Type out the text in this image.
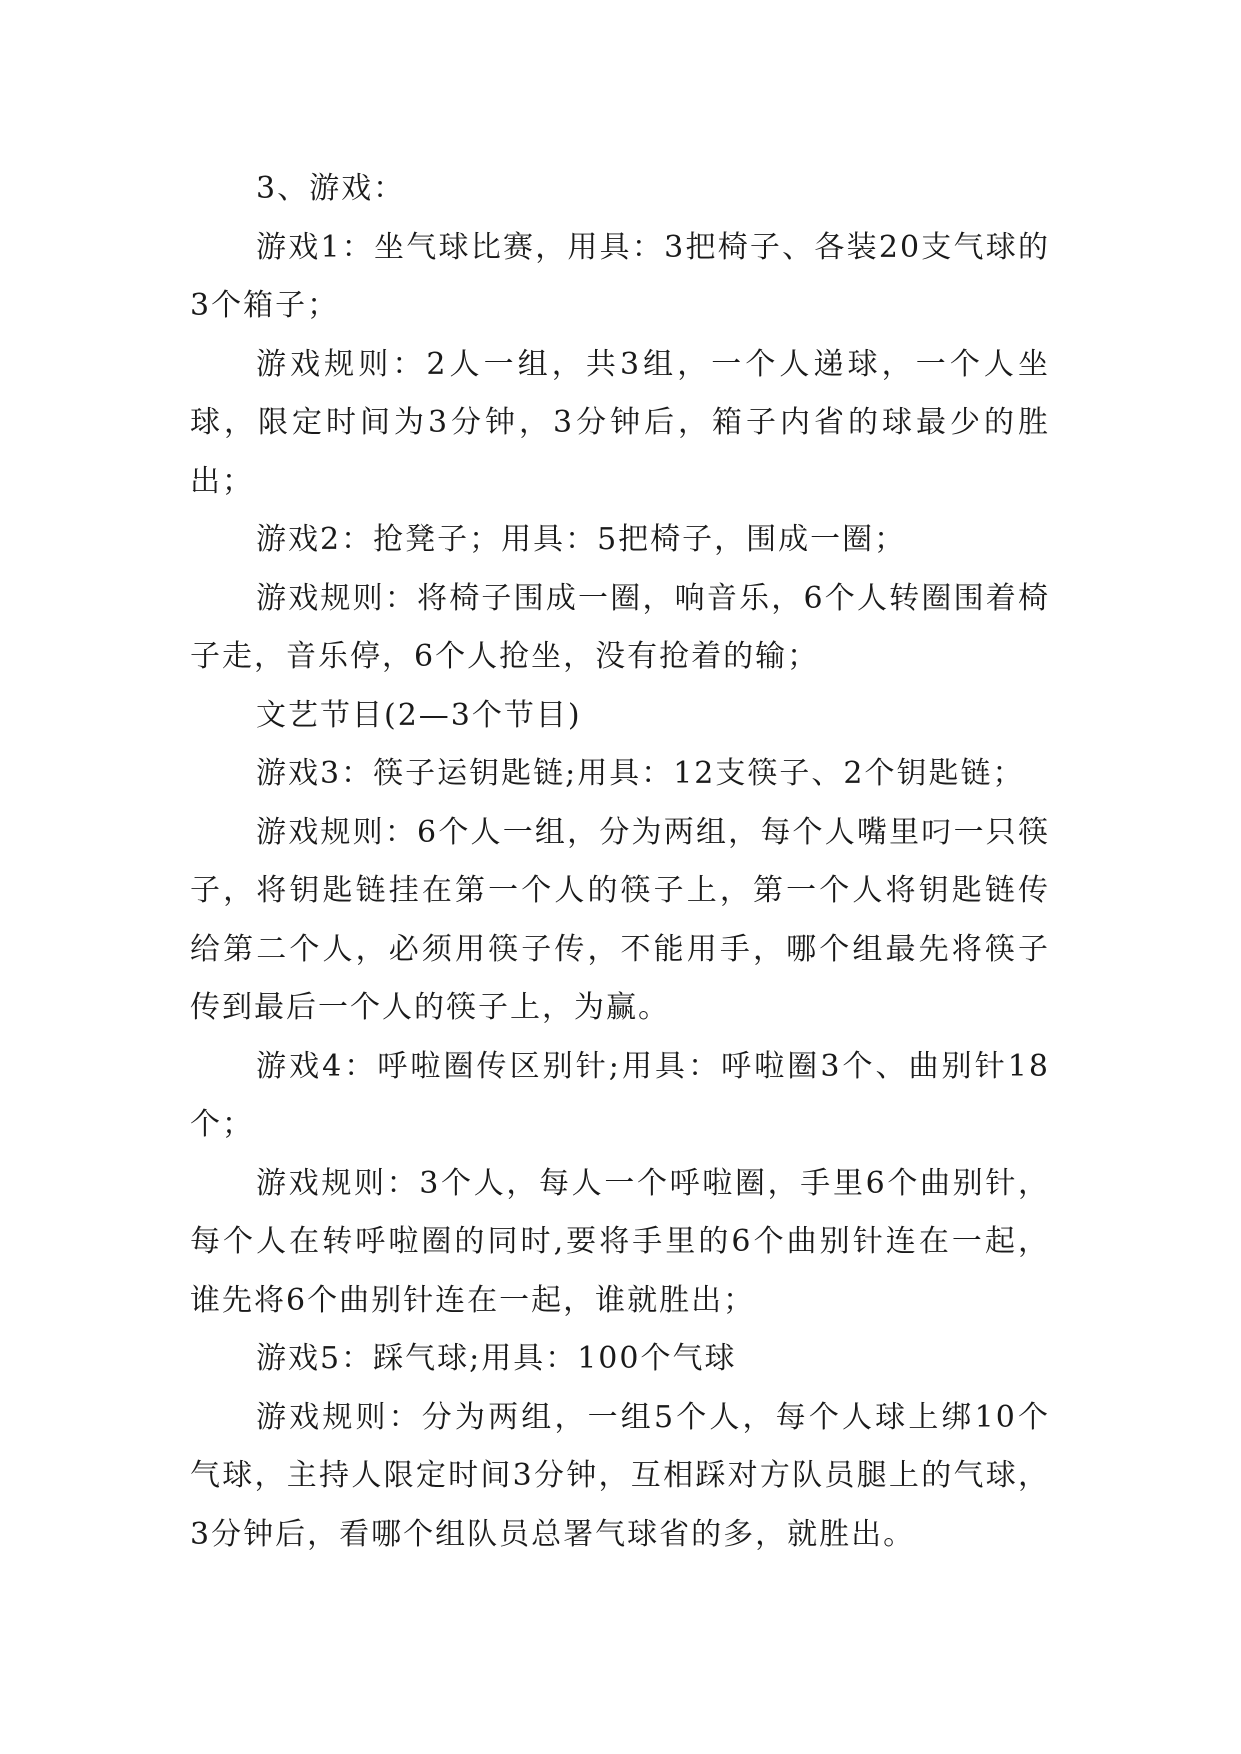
3、游戏：

游戏1：坐气球比赛，用具：3把椅子、各装20支气球的3个箱子；

游戏规则：2人一组，共3组，一个人递球，一个人坐球，限定时间为3分钟，3分钟后，箱子内省的球最少的胜出；

游戏2：抢凳子；用具：5把椅子，围成一圈；

游戏规则：将椅子围成一圈，响音乐，6个人转圈围着椅子走，音乐停，6个人抢坐，没有抢着的输；

文艺节目(2—3个节目)

游戏3：筷子运钥匙链;用具：12支筷子、2个钥匙链；

游戏规则：6个人一组，分为两组，每个人嘴里叼一只筷子，将钥匙链挂在第一个人的筷子上，第一个人将钥匙链传给第二个人，必须用筷子传，不能用手，哪个组最先将筷子传到最后一个人的筷子上，为赢。

游戏4：呼啦圈传区别针;用具：呼啦圈3个、曲别针18个；

游戏规则：3个人，每人一个呼啦圈，手里6个曲别针，每个人在转呼啦圈的同时,要将手里的6个曲别针连在一起，谁先将6个曲别针连在一起，谁就胜出；

游戏5：踩气球;用具：100个气球

游戏规则：分为两组，一组5个人，每个人球上绑10个气球，主持人限定时间3分钟，互相踩对方队员腿上的气球，3分钟后，看哪个组队员总署气球省的多，就胜出。
